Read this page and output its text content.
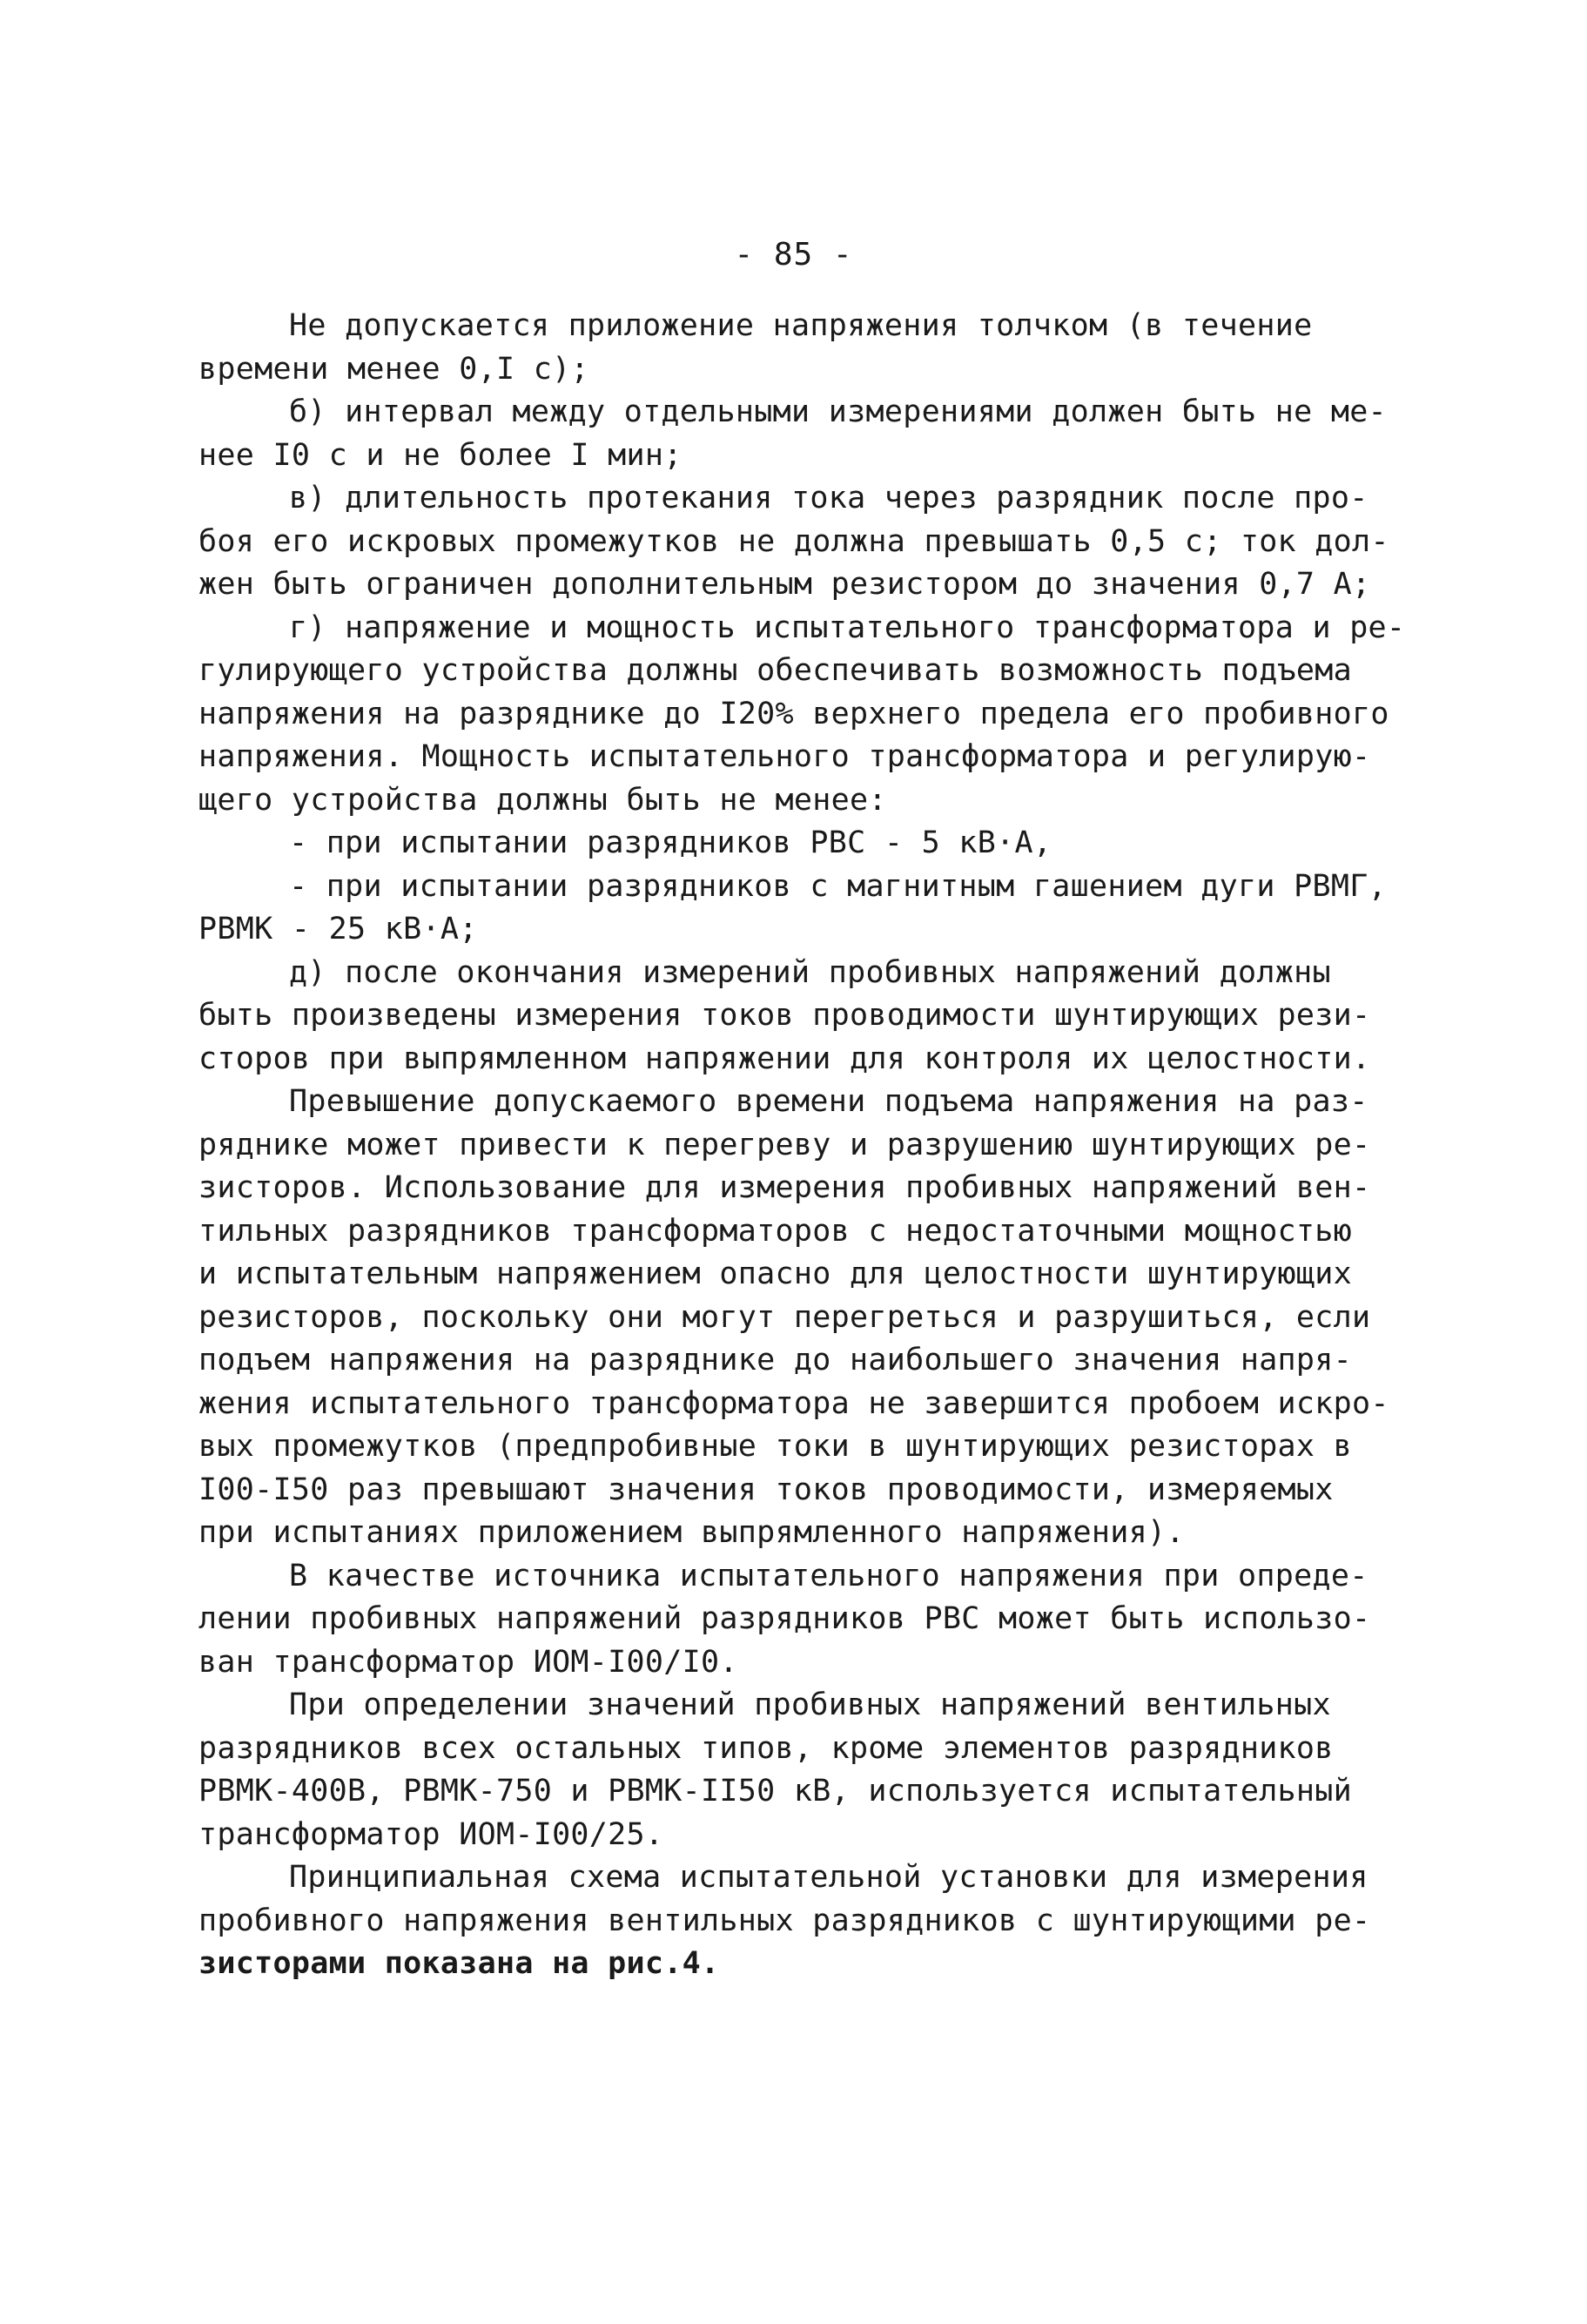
- 85 -
Не допускается приложение напряжения толчком (в течение
времени менее 0,I с);
б) интервал между отдельными измерениями должен быть не ме-
нее I0 с и не более I мин;
в) длительность протекания тока через разрядник после про-
боя его искровых промежутков не должна превышать 0,5 с; ток дол-
жен быть ограничен дополнительным резистором до значения 0,7 А;
г) напряжение и мощность испытательного трансформатора и ре-
гулирующего устройства должны обеспечивать возможность подъема
напряжения на разряднике до I20% верхнего предела его пробивного
напряжения. Мощность испытательного трансформатора и регулирую-
щего устройства должны быть не менее:
- при испытании разрядников РВС - 5 кВ·А,
- при испытании разрядников с магнитным гашением дуги РВМГ,
РВМК - 25 кВ·А;
д) после окончания измерений пробивных напряжений должны
быть произведены измерения токов проводимости шунтирующих рези-
сторов при выпрямленном напряжении для контроля их целостности.
Превышение допускаемого времени подъема напряжения на раз-
ряднике может привести к перегреву и разрушению шунтирующих ре-
зисторов. Использование для измерения пробивных напряжений вен-
тильных разрядников трансформаторов с недостаточными мощностью
и испытательным напряжением опасно для целостности шунтирующих
резисторов, поскольку они могут перегреться и разрушиться, если
подъем напряжения на разряднике до наибольшего значения напря-
жения испытательного трансформатора не завершится пробоем искро-
вых промежутков (предпробивные токи в шунтирующих резисторах в
I00-I50 раз превышают значения токов проводимости, измеряемых
при испытаниях приложением выпрямленного напряжения).
В качестве источника испытательного напряжения при опреде-
лении пробивных напряжений разрядников РВС может быть использо-
ван трансформатор ИОМ-I00/I0.
При определении значений пробивных напряжений вентильных
разрядников всех остальных типов, кроме элементов разрядников
РВМК-400В, РВМК-750 и РВМК-II50 кВ, используется испытательный
трансформатор ИОМ-I00/25.
Принципиальная схема испытательной установки для измерения
пробивного напряжения вентильных разрядников с шунтирующими ре-
зисторами показана на рис.4.
